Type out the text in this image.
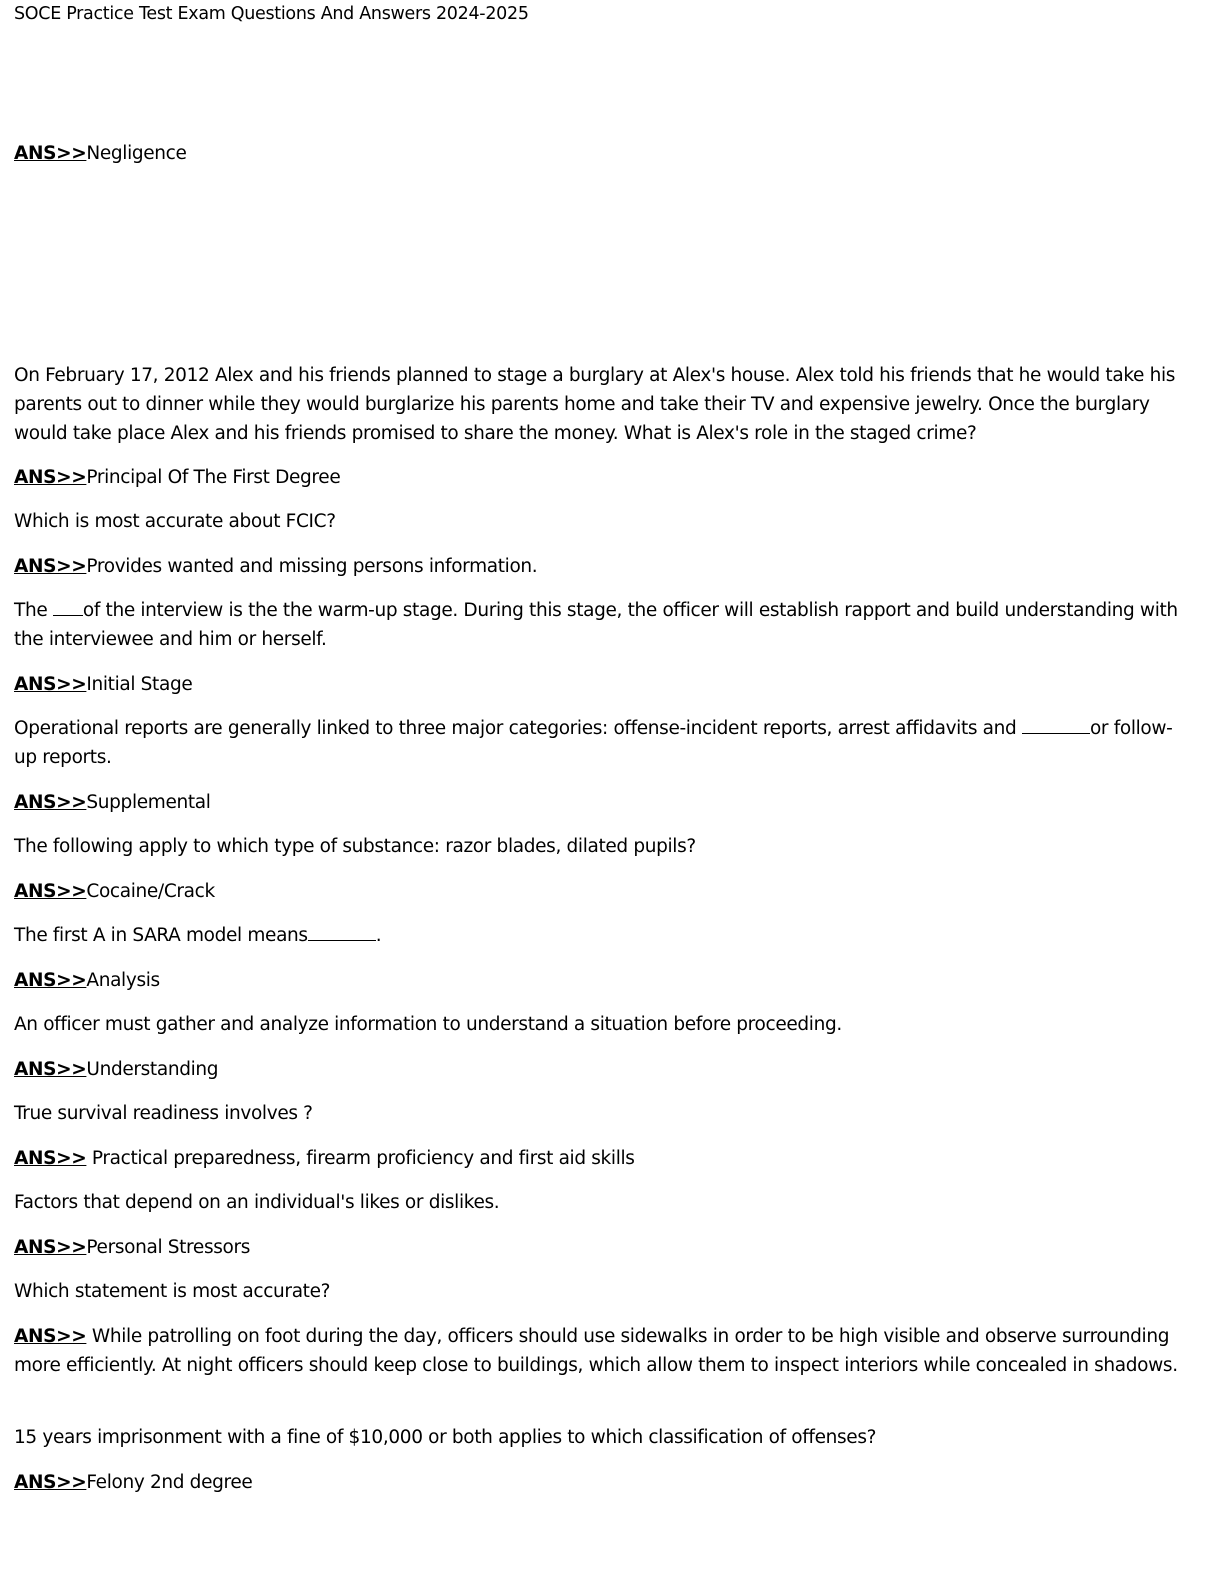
SOCE Practice Test Exam Questions And Answers 2024-2025
ANS>>Negligence
On February 17, 2012 Alex and his friends planned to stage a burglary at Alex's house. Alex told his friends that he would take his parents out to dinner while they would burglarize his parents home and take their TV and expensive jewelry. Once the burglary would take place Alex and his friends promised to share the money. What is Alex's role in the staged crime?
ANS>>Principal Of The First Degree
Which is most accurate about FCIC?
ANS>>Provides wanted and missing persons information.
The of the interview is the the warm-up stage. During this stage, the officer will establish rapport and build understanding with the interviewee and him or herself.
ANS>>Initial Stage
Operational reports are generally linked to three major categories: offense-incident reports, arrest affidavits and	or follow-up reports.
ANS>>Supplemental
The following apply to which type of substance: razor blades, dilated pupils?
ANS>>Cocaine/Crack
The first A in SARA model means	.
ANS>>Analysis
An officer must gather and analyze information to understand a situation before proceeding.
ANS>>Understanding
True survival readiness involves ?
ANS>> Practical preparedness, firearm proficiency and first aid skills
Factors that depend on an individual's likes or dislikes.
ANS>>Personal Stressors
Which statement is most accurate?
ANS>> While patrolling on foot during the day, officers should use sidewalks in order to be high visible and observe surrounding more efficiently. At night officers should keep close to buildings, which allow them to inspect interiors while concealed in shadows.
15 years imprisonment with a fine of $10,000 or both applies to which classification of offenses?
ANS>>Felony 2nd degree
